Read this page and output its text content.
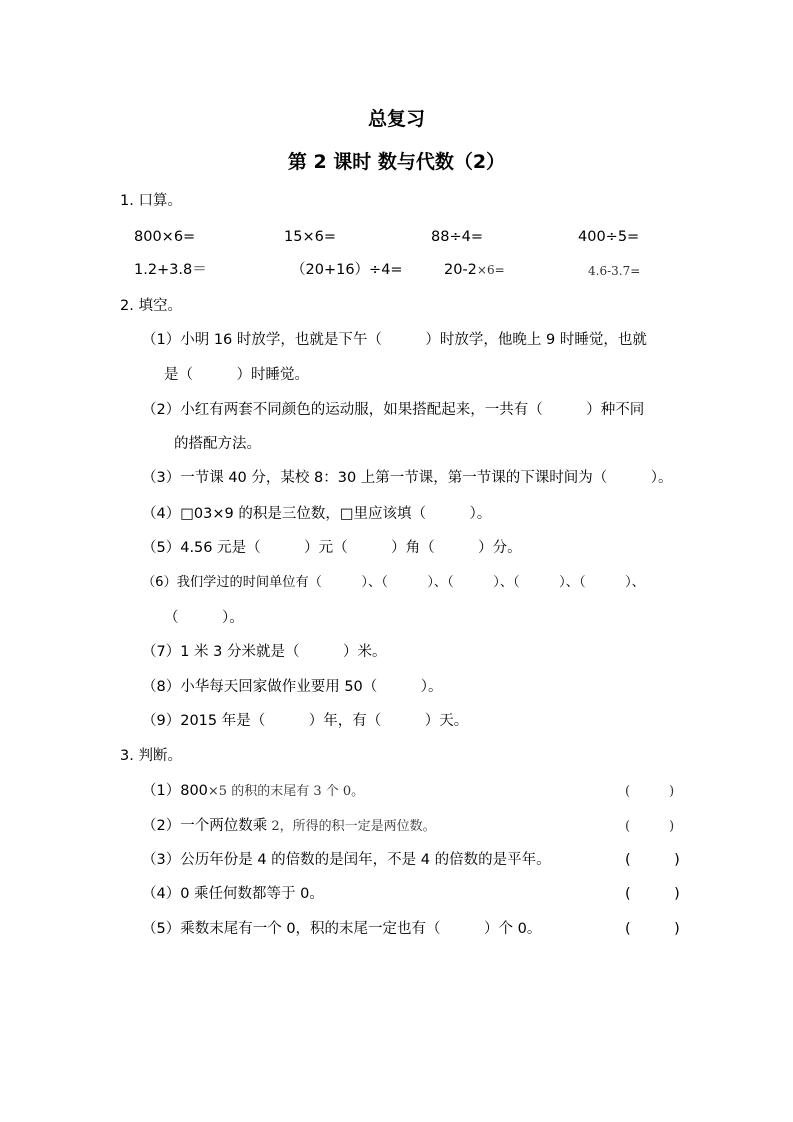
总复习
第 2 课时 数与代数（2）
1. 口算。
800×6=	15×6=	88÷4=	400÷5=
1.2+3.8＝	（20+16）÷4=	20-2×6=	4.6-3.7=
2. 填空。
（1）小明 16 时放学，也就是下午（　　　）时放学，他晚上 9 时睡觉，也就
是（　　　）时睡觉。
（2）小红有两套不同颜色的运动服，如果搭配起来，一共有（　　　）种不同
的搭配方法。
（3）一节课 40 分，某校 8：30 上第一节课，第一节课的下课时间为（　　　）。
（4）□03×9 的积是三位数，□里应该填（　　　）。
（5）4.56 元是（　　　）元（　　　）角（　　　）分。
（6）我们学过的时间单位有（　　　）、（　　　）、（　　　）、（　　　）、（　　　）、
（　　　）。
（7）1 米 3 分米就是（　　　）米。
（8）小华每天回家做作业要用 50（　　　）。
（9）2015 年是（　　　）年，有（　　　）天。
3. 判断。
（1）800×5 的积的末尾有 3 个 0。	(　　　)
（2）一个两位数乘 2，所得的积一定是两位数。	(　　　)
（3）公历年份是 4 的倍数的是闰年，不是 4 的倍数的是平年。	(　　　)
（4）0 乘任何数都等于 0。	(　　　)
（5）乘数末尾有一个 0，积的末尾一定也有（　　　）个 0。	(　　　)
